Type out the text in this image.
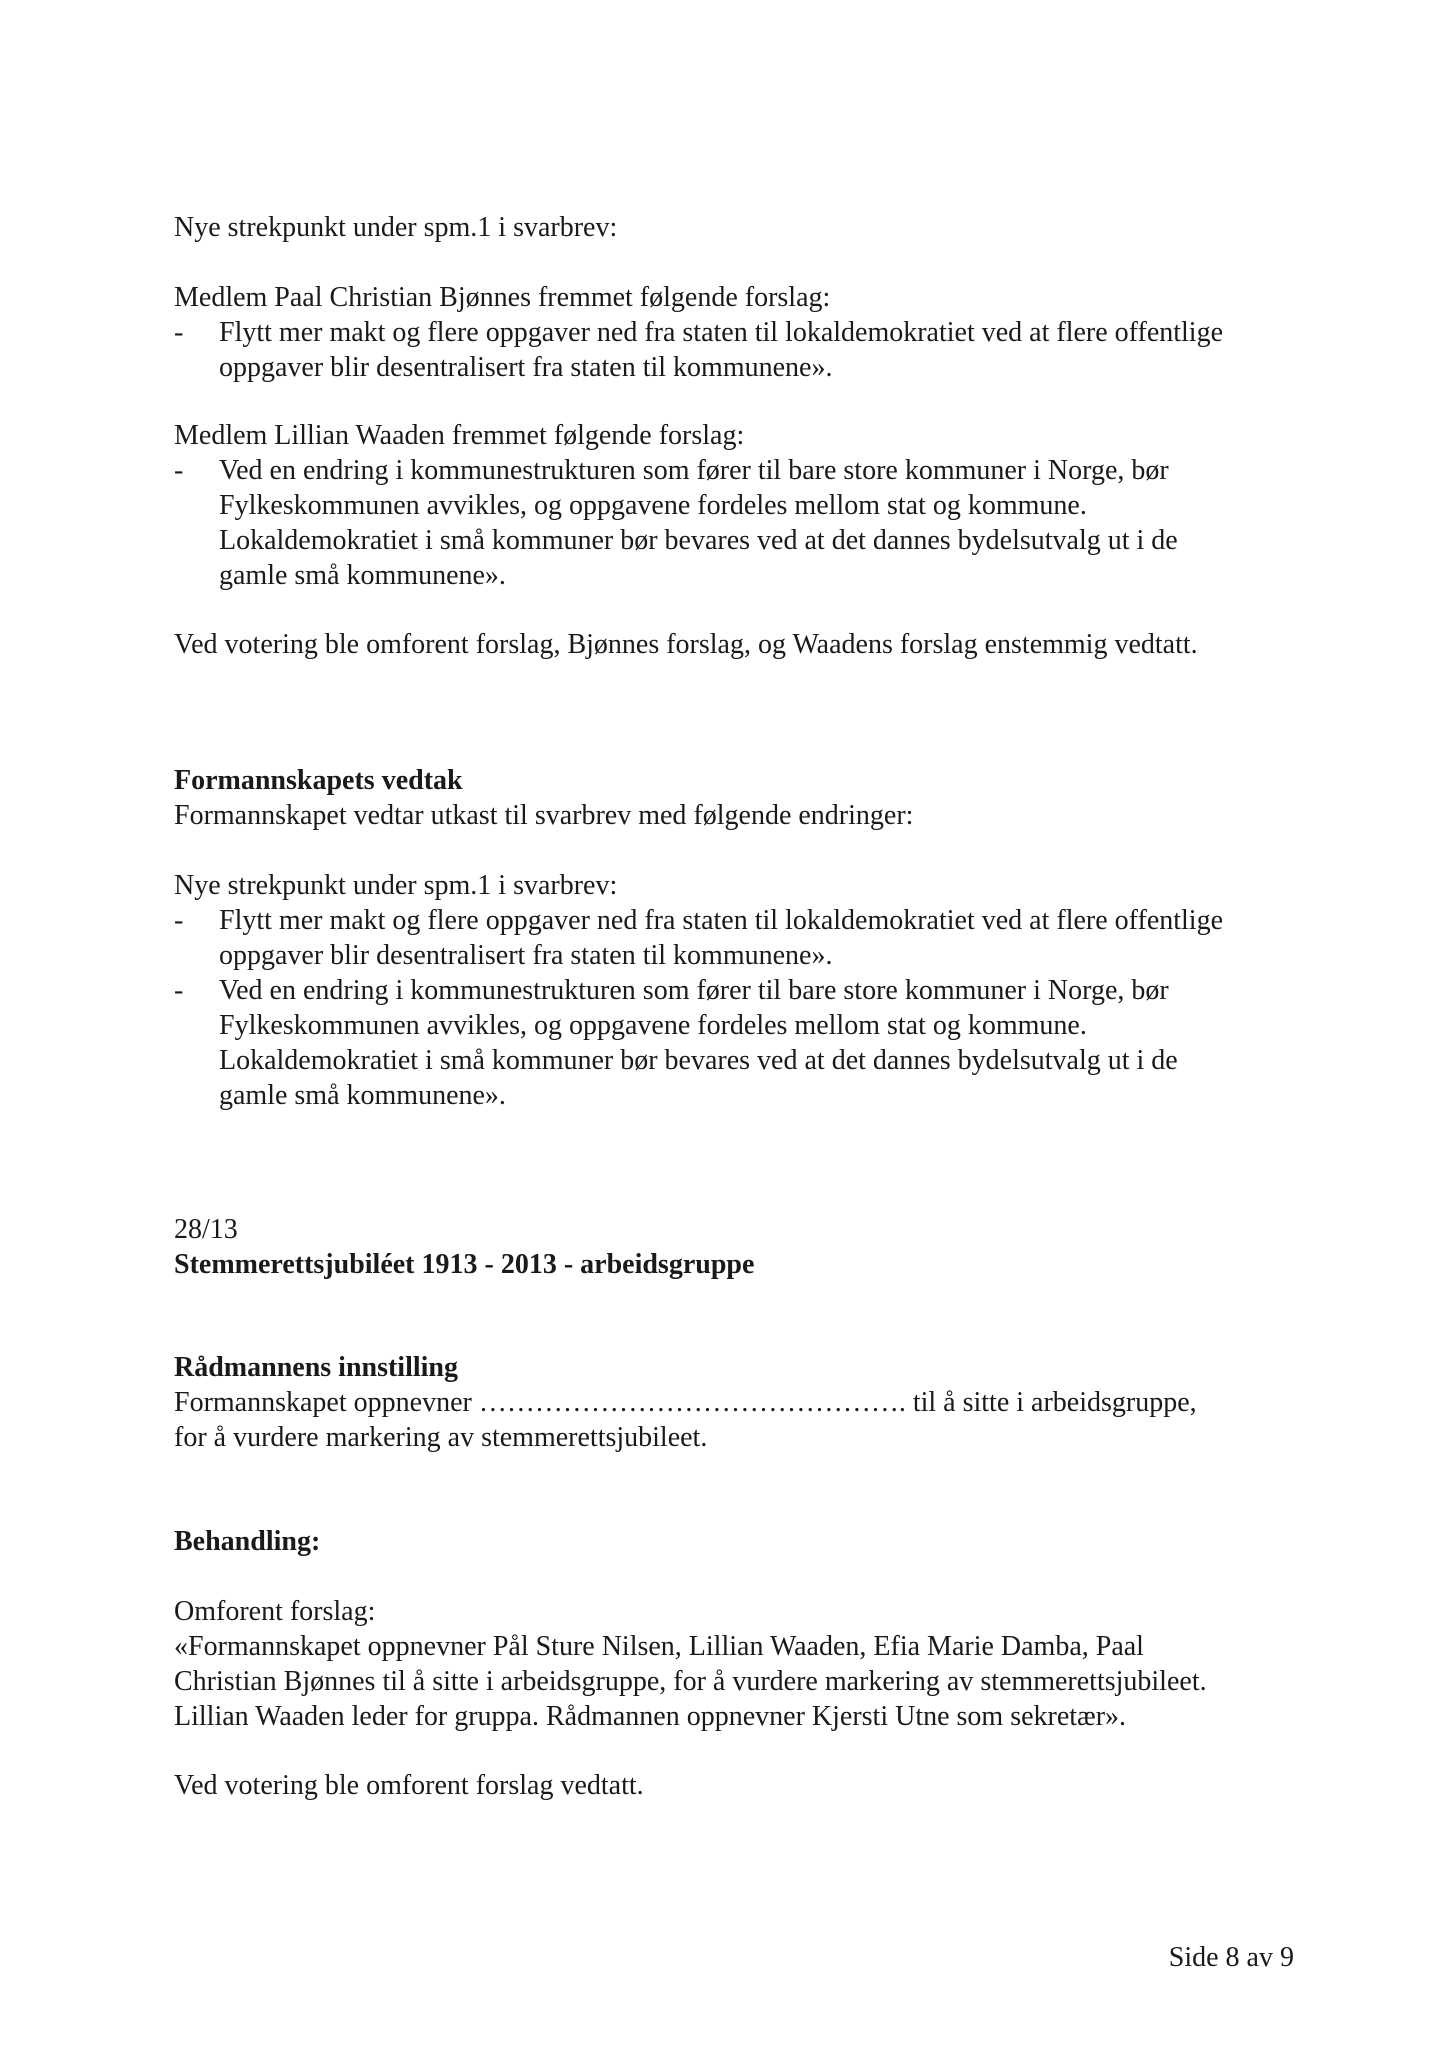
Nye strekpunkt under spm.1 i svarbrev:
Medlem Paal Christian Bjønnes fremmet følgende forslag:
- Flytt mer makt og flere oppgaver ned fra staten til lokaldemokratiet ved at flere offentlige
oppgaver blir desentralisert fra staten til kommunene».
Medlem Lillian Waaden fremmet følgende forslag:
- Ved en endring i kommunestrukturen som fører til bare store kommuner i Norge, bør
Fylkeskommunen avvikles, og oppgavene fordeles mellom stat og kommune.
Lokaldemokratiet i små kommuner bør bevares ved at det dannes bydelsutvalg ut i de
gamle små kommunene».
Ved votering ble omforent forslag, Bjønnes forslag, og Waadens forslag enstemmig vedtatt.
Formannskapets vedtak
Formannskapet vedtar utkast til svarbrev med følgende endringer:
Nye strekpunkt under spm.1 i svarbrev:
- Flytt mer makt og flere oppgaver ned fra staten til lokaldemokratiet ved at flere offentlige
oppgaver blir desentralisert fra staten til kommunene».
- Ved en endring i kommunestrukturen som fører til bare store kommuner i Norge, bør
Fylkeskommunen avvikles, og oppgavene fordeles mellom stat og kommune.
Lokaldemokratiet i små kommuner bør bevares ved at det dannes bydelsutvalg ut i de
gamle små kommunene».
28/13
Stemmerettsjubiléet 1913 - 2013 - arbeidsgruppe
Rådmannens innstilling
Formannskapet oppnevner ………………………………………. til å sitte i arbeidsgruppe,
for å vurdere markering av stemmerettsjubileet.
Behandling:
Omforent forslag:
«Formannskapet oppnevner Pål Sture Nilsen, Lillian Waaden, Efia Marie Damba, Paal
Christian Bjønnes til å sitte i arbeidsgruppe, for å vurdere markering av stemmerettsjubileet.
Lillian Waaden leder for gruppa. Rådmannen oppnevner Kjersti Utne som sekretær».
Ved votering ble omforent forslag vedtatt.
Side 8 av 9
